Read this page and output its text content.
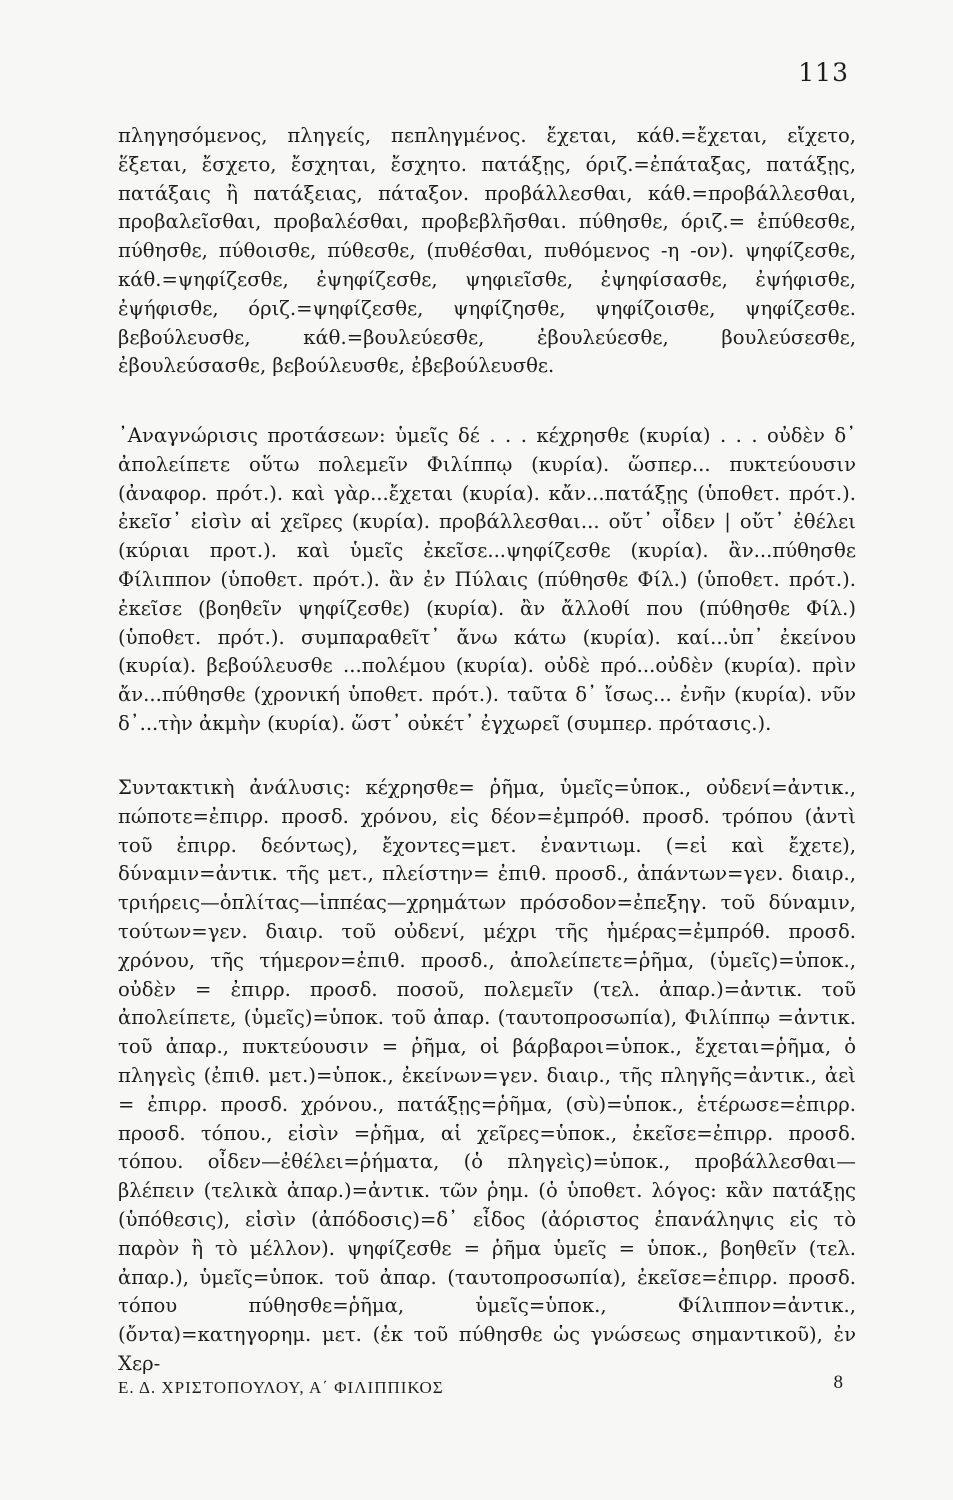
113

πληγησόμενος, πληγείς, πεπληγμένος. ἔχεται, κάθ.=ἔχεται, εἴχετο, ἕξεται, ἔσχετο, ἔσχηται, ἔσχητο. πατάξῃς, όριζ.=ἐπάταξας, πατάξῃς, πατάξαις ἢ πατάξειας, πάταξον. προβάλλεσθαι, κάθ.=προβάλλεσθαι, προβαλεῖσθαι, προβαλέσθαι, προβεβλῆσθαι. πύθησθε, όριζ.= ἐπύθεσθε, πύθησθε, πύθοισθε, πύθεσθε, (πυθέσθαι, πυθόμενος -η -ον). ψηφίζεσθε, κάθ.=ψηφίζεσθε, ἐψηφίζεσθε, ψηφιεῖσθε, ἐψηφίσασθε, ἐψήφισθε, ἐψήφισθε, όριζ.=ψηφίζεσθε, ψηφίζησθε, ψηφίζοισθε, ψηφίζεσθε. βεβούλευσθε, κάθ.=βουλεύεσθε, ἐβουλεύεσθε, βουλεύσεσθε, ἐβουλεύσασθε, βεβούλευσθε, ἐβεβούλευσθε.

᾿Αναγνώρισις προτάσεων: ὑμεῖς δέ . . . κέχρησθε (κυρία) . . . οὐδὲν δ᾿ ἀπολείπετε οὕτω πολεμεῖν Φιλίππῳ (κυρία). ὥσπερ... πυκτεύουσιν (ἀναφορ. πρότ.). καὶ γὰρ...ἔχεται (κυρία). κἄν...πατάξῃς (ὑποθετ. πρότ.). ἐκεῖσ᾿ εἰσὶν αἱ χεῖρες (κυρία). προβάλλεσθαι... οὔτ᾿ οἶδεν | οὔτ᾿ ἐθέλει (κύριαι προτ.). καὶ ὑμεῖς ἐκεῖσε...ψηφίζεσθε (κυρία). ἂν...πύθησθε Φίλιππον (ὑποθετ. πρότ.). ἂν ἐν Πύλαις (πύθησθε Φίλ.) (ὑποθετ. πρότ.). ἐκεῖσε (βοηθεῖν ψηφίζεσθε) (κυρία). ἂν ἄλλοθί που (πύθησθε Φίλ.) (ὑποθετ. πρότ.). συμπαραθεῖτ᾿ ἄνω κάτω (κυρία). καί...ὑπ᾿ ἐκείνου (κυρία). βεβούλευσθε ...πολέμου (κυρία). οὐδὲ πρό...οὐδὲν (κυρία). πρὶν ἄν...πύθησθε (χρονική ὑποθετ. πρότ.). ταῦτα δ᾿ ἴσως... ἐνῆν (κυρία). νῦν δ᾿...τὴν ἀκμὴν (κυρία). ὥστ᾿ οὐκέτ᾿ ἐγχωρεῖ (συμπερ. πρότασις.).

Συντακτικὴ ἀνάλυσις: κέχρησθε= ῥῆμα, ὑμεῖς=ὑποκ., οὐδενί=ἀντικ., πώποτε=ἐπιρρ. προσδ. χρόνου, εἰς δέον=ἐμπρόθ. προσδ. τρόπου (ἀντὶ τοῦ ἐπιρρ. δεόντως), ἔχοντες=μετ. ἐναντιωμ. (=εἰ καὶ ἔχετε), δύναμιν=ἀντικ. τῆς μετ., πλείστην= ἐπιθ. προσδ., ἁπάντων=γεν. διαιρ., τριήρεις—ὁπλίτας—ἱππέας—χρημάτων πρόσοδον=ἐπεξηγ. τοῦ δύναμιν, τούτων=γεν. διαιρ. τοῦ οὐδενί, μέχρι τῆς ἡμέρας=ἐμπρόθ. προσδ. χρόνου, τῆς τήμερον=ἐπιθ. προσδ., ἀπολείπετε=ῥῆμα, (ὑμεῖς)=ὑποκ., οὐδὲν = ἐπιρρ. προσδ. ποσοῦ, πολεμεῖν (τελ. ἀπαρ.)=ἀντικ. τοῦ ἀπολείπετε, (ὑμεῖς)=ὑποκ. τοῦ ἀπαρ. (ταυτοπροσωπία), Φιλίππῳ =ἀντικ. τοῦ ἀπαρ., πυκτεύουσιν = ῥῆμα, οἱ βάρβαροι=ὑποκ., ἔχεται=ῥῆμα, ὁ πληγεὶς (ἐπιθ. μετ.)=ὑποκ., ἐκείνων=γεν. διαιρ., τῆς πληγῆς=ἀντικ., ἀεὶ = ἐπιρρ. προσδ. χρόνου., πατάξῃς=ῥῆμα, (σὺ)=ὑποκ., ἑτέρωσε=ἐπιρρ. προσδ. τόπου., εἰσὶν =ῥῆμα, αἱ χεῖρες=ὑποκ., ἐκεῖσε=ἐπιρρ. προσδ. τόπου. οἶδεν—ἐθέλει=ῥήματα, (ὁ πληγεὶς)=ὑποκ., προβάλλεσθαι—βλέπειν (τελικὰ ἀπαρ.)=ἀντικ. τῶν ῥημ. (ὁ ὑποθετ. λόγος: κἂν πατάξῃς (ὑπόθεσις), εἰσὶν (ἀπόδοσις)=δ᾿ εἶδος (ἀόριστος ἐπανάληψις εἰς τὸ παρὸν ἢ τὸ μέλλον). ψηφίζεσθε = ῥῆμα ὑμεῖς = ὑποκ., βοηθεῖν (τελ. ἀπαρ.), ὑμεῖς=ὑποκ. τοῦ ἀπαρ. (ταυτοπροσωπία), ἐκεῖσε=ἐπιρρ. προσδ. τόπου πύθησθε=ῥῆμα, ὑμεῖς=ὑποκ., Φίλιππον=ἀντικ., (ὄντα)=κατηγορημ. μετ. (ἐκ τοῦ πύθησθε ὡς γνώσεως σημαντικοῦ), ἐν Χερ-

Ε. Δ. ΧΡΙΣΤΟΠΟΥΛΟΥ, Α΄ ΦΙΛΙΠΠΙΚΟΣ	8
